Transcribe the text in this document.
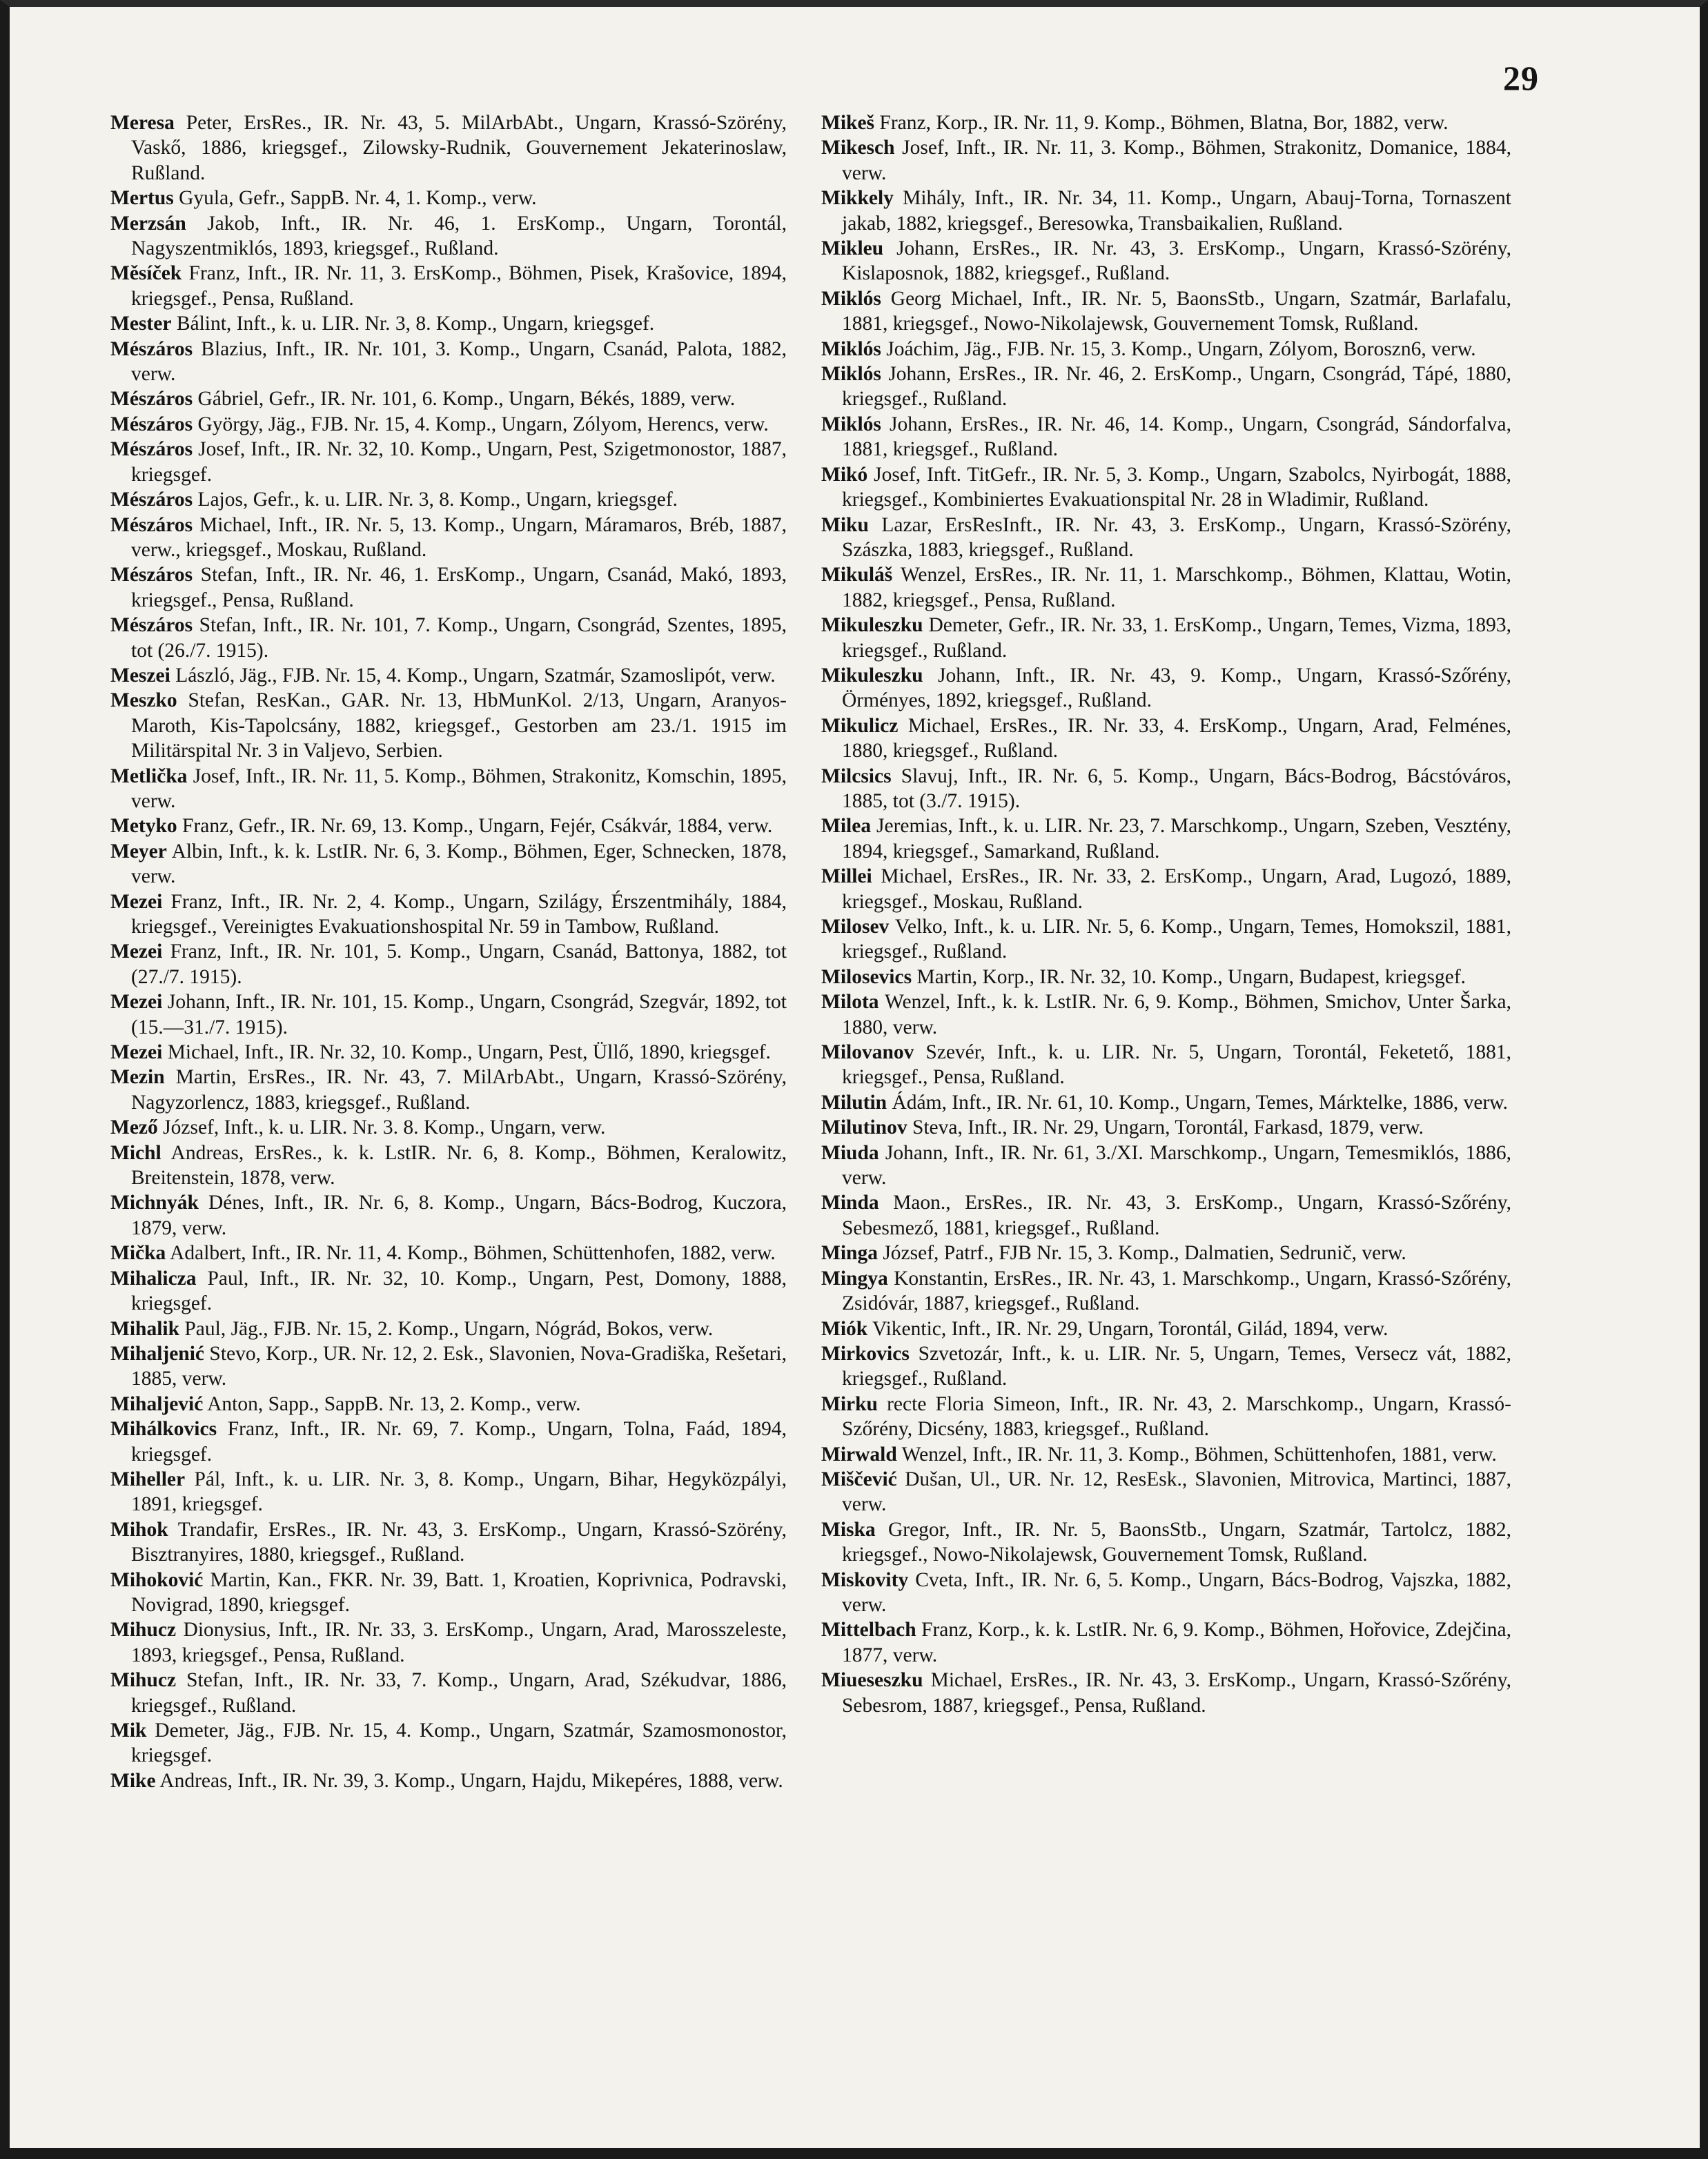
29
Meresa Peter, ErsRes., IR. Nr. 43, 5. MilArbAbt., Ungarn, Krassó-Szörény, Vaskő, 1886, kriegsgef., Zilowsky-Rudnik, Gouvernement Jekaterinoslaw, Rußland.
Mertus Gyula, Gefr., SappB. Nr. 4, 1. Komp., verw.
Merzsán Jakob, Inft., IR. Nr. 46, 1. ErsKomp., Ungarn, Torontál, Nagyszentmiklós, 1893, kriegsgef., Rußland.
Měsíček Franz, Inft., IR. Nr. 11, 3. ErsKomp., Böhmen, Pisek, Krašovice, 1894, kriegsgef., Pensa, Rußland.
Mester Bálint, Inft., k. u. LIR. Nr. 3, 8. Komp., Ungarn, kriegsgef.
Mészáros Blazius, Inft., IR. Nr. 101, 3. Komp., Ungarn, Csanád, Palota, 1882, verw.
Mészáros Gábriel, Gefr., IR. Nr. 101, 6. Komp., Ungarn, Békés, 1889, verw.
Mészáros György, Jäg., FJB. Nr. 15, 4. Komp., Ungarn, Zólyom, Herencs, verw.
Mészáros Josef, Inft., IR. Nr. 32, 10. Komp., Ungarn, Pest, Szigetmonostor, 1887, kriegsgef.
Mészáros Lajos, Gefr., k. u. LIR. Nr. 3, 8. Komp., Ungarn, kriegsgef.
Mészáros Michael, Inft., IR. Nr. 5, 13. Komp., Ungarn, Máramaros, Bréb, 1887, verw., kriegsgef., Moskau, Rußland.
Mészáros Stefan, Inft., IR. Nr. 46, 1. ErsKomp., Ungarn, Csanád, Makó, 1893, kriegsgef., Pensa, Rußland.
Mészáros Stefan, Inft., IR. Nr. 101, 7. Komp., Ungarn, Csongrád, Szentes, 1895, tot (26./7. 1915).
Meszei László, Jäg., FJB. Nr. 15, 4. Komp., Ungarn, Szatmár, Szamoslipót, verw.
Meszko Stefan, ResKan., GAR. Nr. 13, HbMunKol. 2/13, Ungarn, Aranyos-Maroth, Kis-Tapolcsány, 1882, kriegsgef., Gestorben am 23./1. 1915 im Militärspital Nr. 3 in Valjevo, Serbien.
Metlička Josef, Inft., IR. Nr. 11, 5. Komp., Böhmen, Strakonitz, Komschin, 1895, verw.
Metyko Franz, Gefr., IR. Nr. 69, 13. Komp., Ungarn, Fejér, Csákvár, 1884, verw.
Meyer Albin, Inft., k. k. LstIR. Nr. 6, 3. Komp., Böhmen, Eger, Schnecken, 1878, verw.
Mezei Franz, Inft., IR. Nr. 2, 4. Komp., Ungarn, Szilágy, Érszentmihály, 1884, kriegsgef., Vereinigtes Evakuationshospital Nr. 59 in Tambow, Rußland.
Mezei Franz, Inft., IR. Nr. 101, 5. Komp., Ungarn, Csanád, Battonya, 1882, tot (27./7. 1915).
Mezei Johann, Inft., IR. Nr. 101, 15. Komp., Ungarn, Csongrád, Szegvár, 1892, tot (15.—31./7. 1915).
Mezei Michael, Inft., IR. Nr. 32, 10. Komp., Ungarn, Pest, Üllő, 1890, kriegsgef.
Mezin Martin, ErsRes., IR. Nr. 43, 7. MilArbAbt., Ungarn, Krassó-Szörény, Nagyzorlencz, 1883, kriegsgef., Rußland.
Mező József, Inft., k. u. LIR. Nr. 3. 8. Komp., Ungarn, verw.
Michl Andreas, ErsRes., k. k. LstIR. Nr. 6, 8. Komp., Böhmen, Keralowitz, Breitenstein, 1878, verw.
Michnyák Dénes, Inft., IR. Nr. 6, 8. Komp., Ungarn, Bács-Bodrog, Kuczora, 1879, verw.
Mička Adalbert, Inft., IR. Nr. 11, 4. Komp., Böhmen, Schüttenhofen, 1882, verw.
Mihalicza Paul, Inft., IR. Nr. 32, 10. Komp., Ungarn, Pest, Domony, 1888, kriegsgef.
Mihalik Paul, Jäg., FJB. Nr. 15, 2. Komp., Ungarn, Nógrád, Bokos, verw.
Mihaljenić Stevo, Korp., UR. Nr. 12, 2. Esk., Slavonien, Nova-Gradiška, Rešetari, 1885, verw.
Mihaljević Anton, Sapp., SappB. Nr. 13, 2. Komp., verw.
Mihálkovics Franz, Inft., IR. Nr. 69, 7. Komp., Ungarn, Tolna, Faád, 1894, kriegsgef.
Miheller Pál, Inft., k. u. LIR. Nr. 3, 8. Komp., Ungarn, Bihar, Hegyközpályi, 1891, kriegsgef.
Mihok Trandafir, ErsRes., IR. Nr. 43, 3. ErsKomp., Ungarn, Krassó-Szörény, Bisztranyires, 1880, kriegsgef., Rußland.
Mihoković Martin, Kan., FKR. Nr. 39, Batt. 1, Kroatien, Koprivnica, Podravski, Novigrad, 1890, kriegsgef.
Mihucz Dionysius, Inft., IR. Nr. 33, 3. ErsKomp., Ungarn, Arad, Marosszeleste, 1893, kriegsgef., Pensa, Rußland.
Mihucz Stefan, Inft., IR. Nr. 33, 7. Komp., Ungarn, Arad, Székudvar, 1886, kriegsgef., Rußland.
Mik Demeter, Jäg., FJB. Nr. 15, 4. Komp., Ungarn, Szatmár, Szamosmonostor, kriegsgef.
Mike Andreas, Inft., IR. Nr. 39, 3. Komp., Ungarn, Hajdu, Mikepéres, 1888, verw.
Mikeš Franz, Korp., IR. Nr. 11, 9. Komp., Böhmen, Blatna, Bor, 1882, verw.
Mikesch Josef, Inft., IR. Nr. 11, 3. Komp., Böhmen, Strakonitz, Domanice, 1884, verw.
Mikkely Mihály, Inft., IR. Nr. 34, 11. Komp., Ungarn, Abauj-Torna, Tornaszent jakab, 1882, kriegsgef., Beresowka, Transbaikalien, Rußland.
Mikleu Johann, ErsRes., IR. Nr. 43, 3. ErsKomp., Ungarn, Krassó-Szörény, Kislaposnok, 1882, kriegsgef., Rußland.
Miklós Georg Michael, Inft., IR. Nr. 5, BaonsStb., Ungarn, Szatmár, Barlafalu, 1881, kriegsgef., Nowo-Nikolajewsk, Gouvernement Tomsk, Rußland.
Miklós Joáchim, Jäg., FJB. Nr. 15, 3. Komp., Ungarn, Zólyom, Boroszn6, verw.
Miklós Johann, ErsRes., IR. Nr. 46, 2. ErsKomp., Ungarn, Csongrád, Tápé, 1880, kriegsgef., Rußland.
Miklós Johann, ErsRes., IR. Nr. 46, 14. Komp., Ungarn, Csongrád, Sándorfalva, 1881, kriegsgef., Rußland.
Mikó Josef, Inft. TitGefr., IR. Nr. 5, 3. Komp., Ungarn, Szabolcs, Nyirbogát, 1888, kriegsgef., Kombiniertes Evakuationspital Nr. 28 in Wladimir, Rußland.
Miku Lazar, ErsResInft., IR. Nr. 43, 3. ErsKomp., Ungarn, Krassó-Szörény, Szászka, 1883, kriegsgef., Rußland.
Mikuláš Wenzel, ErsRes., IR. Nr. 11, 1. Marschkomp., Böhmen, Klattau, Wotin, 1882, kriegsgef., Pensa, Rußland.
Mikuleszku Demeter, Gefr., IR. Nr. 33, 1. ErsKomp., Ungarn, Temes, Vizma, 1893, kriegsgef., Rußland.
Mikuleszku Johann, Inft., IR. Nr. 43, 9. Komp., Ungarn, Krassó-Szőrény, Örményes, 1892, kriegsgef., Rußland.
Mikulicz Michael, ErsRes., IR. Nr. 33, 4. ErsKomp., Ungarn, Arad, Felménes, 1880, kriegsgef., Rußland.
Milcsics Slavuj, Inft., IR. Nr. 6, 5. Komp., Ungarn, Bács-Bodrog, Bácstóváros, 1885, tot (3./7. 1915).
Milea Jeremias, Inft., k. u. LIR. Nr. 23, 7. Marschkomp., Ungarn, Szeben, Vesztény, 1894, kriegsgef., Samarkand, Rußland.
Millei Michael, ErsRes., IR. Nr. 33, 2. ErsKomp., Ungarn, Arad, Lugozó, 1889, kriegsgef., Moskau, Rußland.
Milosev Velko, Inft., k. u. LIR. Nr. 5, 6. Komp., Ungarn, Temes, Homokszil, 1881, kriegsgef., Rußland.
Milosevics Martin, Korp., IR. Nr. 32, 10. Komp., Ungarn, Budapest, kriegsgef.
Milota Wenzel, Inft., k. k. LstIR. Nr. 6, 9. Komp., Böhmen, Smichov, Unter Šarka, 1880, verw.
Milovanov Szevér, Inft., k. u. LIR. Nr. 5, Ungarn, Torontál, Feketető, 1881, kriegsgef., Pensa, Rußland.
Milutin Ádám, Inft., IR. Nr. 61, 10. Komp., Ungarn, Temes, Márktelke, 1886, verw.
Milutinov Steva, Inft., IR. Nr. 29, Ungarn, Torontál, Farkasd, 1879, verw.
Miuda Johann, Inft., IR. Nr. 61, 3./XI. Marschkomp., Ungarn, Temesmiklós, 1886, verw.
Minda Maon., ErsRes., IR. Nr. 43, 3. ErsKomp., Ungarn, Krassó-Szőrény, Sebesmező, 1881, kriegsgef., Rußland.
Minga József, Patrf., FJB Nr. 15, 3. Komp., Dalmatien, Sedrunič, verw.
Mingya Konstantin, ErsRes., IR. Nr. 43, 1. Marschkomp., Ungarn, Krassó-Szőrény, Zsidóvár, 1887, kriegsgef., Rußland.
Miók Vikentic, Inft., IR. Nr. 29, Ungarn, Torontál, Gilád, 1894, verw.
Mirkovics Szvetozár, Inft., k. u. LIR. Nr. 5, Ungarn, Temes, Versecz vát, 1882, kriegsgef., Rußland.
Mirku recte Floria Simeon, Inft., IR. Nr. 43, 2. Marschkomp., Ungarn, Krassó-Szőrény, Dicsény, 1883, kriegsgef., Rußland.
Mirwald Wenzel, Inft., IR. Nr. 11, 3. Komp., Böhmen, Schüttenhofen, 1881, verw.
Miščević Dušan, Ul., UR. Nr. 12, ResEsk., Slavonien, Mitrovica, Martinci, 1887, verw.
Miska Gregor, Inft., IR. Nr. 5, BaonsStb., Ungarn, Szatmár, Tartolcz, 1882, kriegsgef., Nowo-Nikolajewsk, Gouvernement Tomsk, Rußland.
Miskovity Cveta, Inft., IR. Nr. 6, 5. Komp., Ungarn, Bács-Bodrog, Vajszka, 1882, verw.
Mittelbach Franz, Korp., k. k. LstIR. Nr. 6, 9. Komp., Böhmen, Hořovice, Zdejčina, 1877, verw.
Miueseszku Michael, ErsRes., IR. Nr. 43, 3. ErsKomp., Ungarn, Krassó-Szőrény, Sebesrom, 1887, kriegsgef., Pensa, Rußland.
